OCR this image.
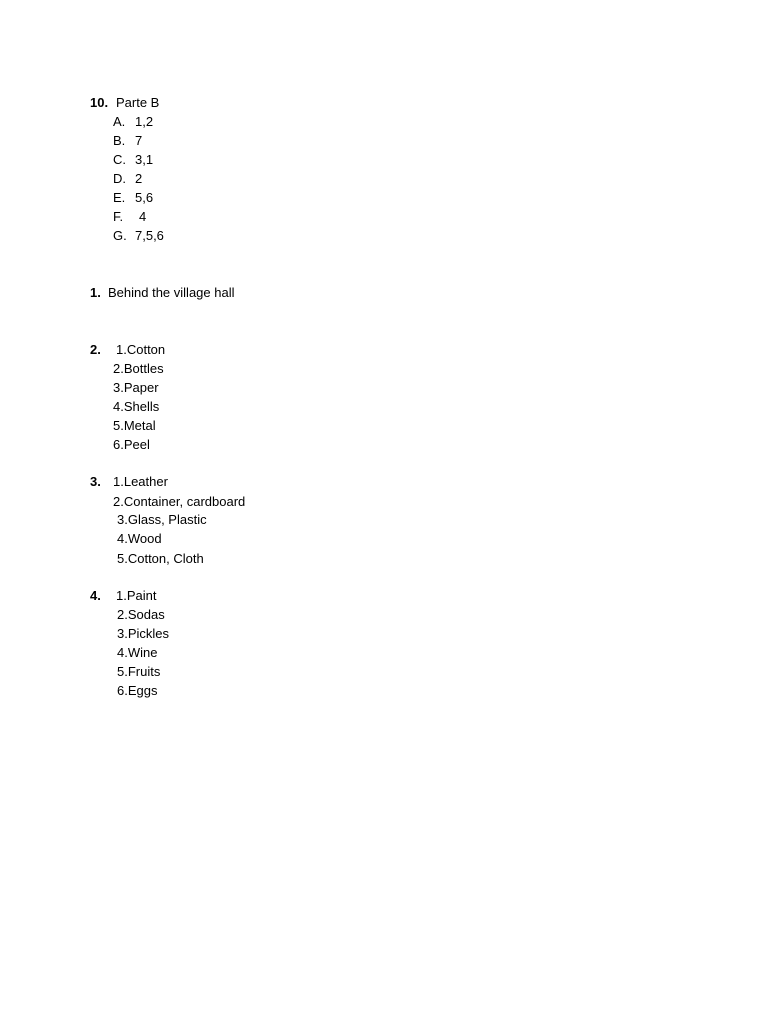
10. Parte B
A. 1,2
B. 7
C. 3,1
D. 2
E. 5,6
F. 4
G. 7,5,6
1. Behind the village hall
2. 1.Cotton
2.Bottles
3.Paper
4.Shells
5.Metal
6.Peel
3. 1.Leather
2.Container, cardboard
3.Glass, Plastic
4.Wood
5.Cotton, Cloth
4. 1.Paint
2.Sodas
3.Pickles
4.Wine
5.Fruits
6.Eggs
